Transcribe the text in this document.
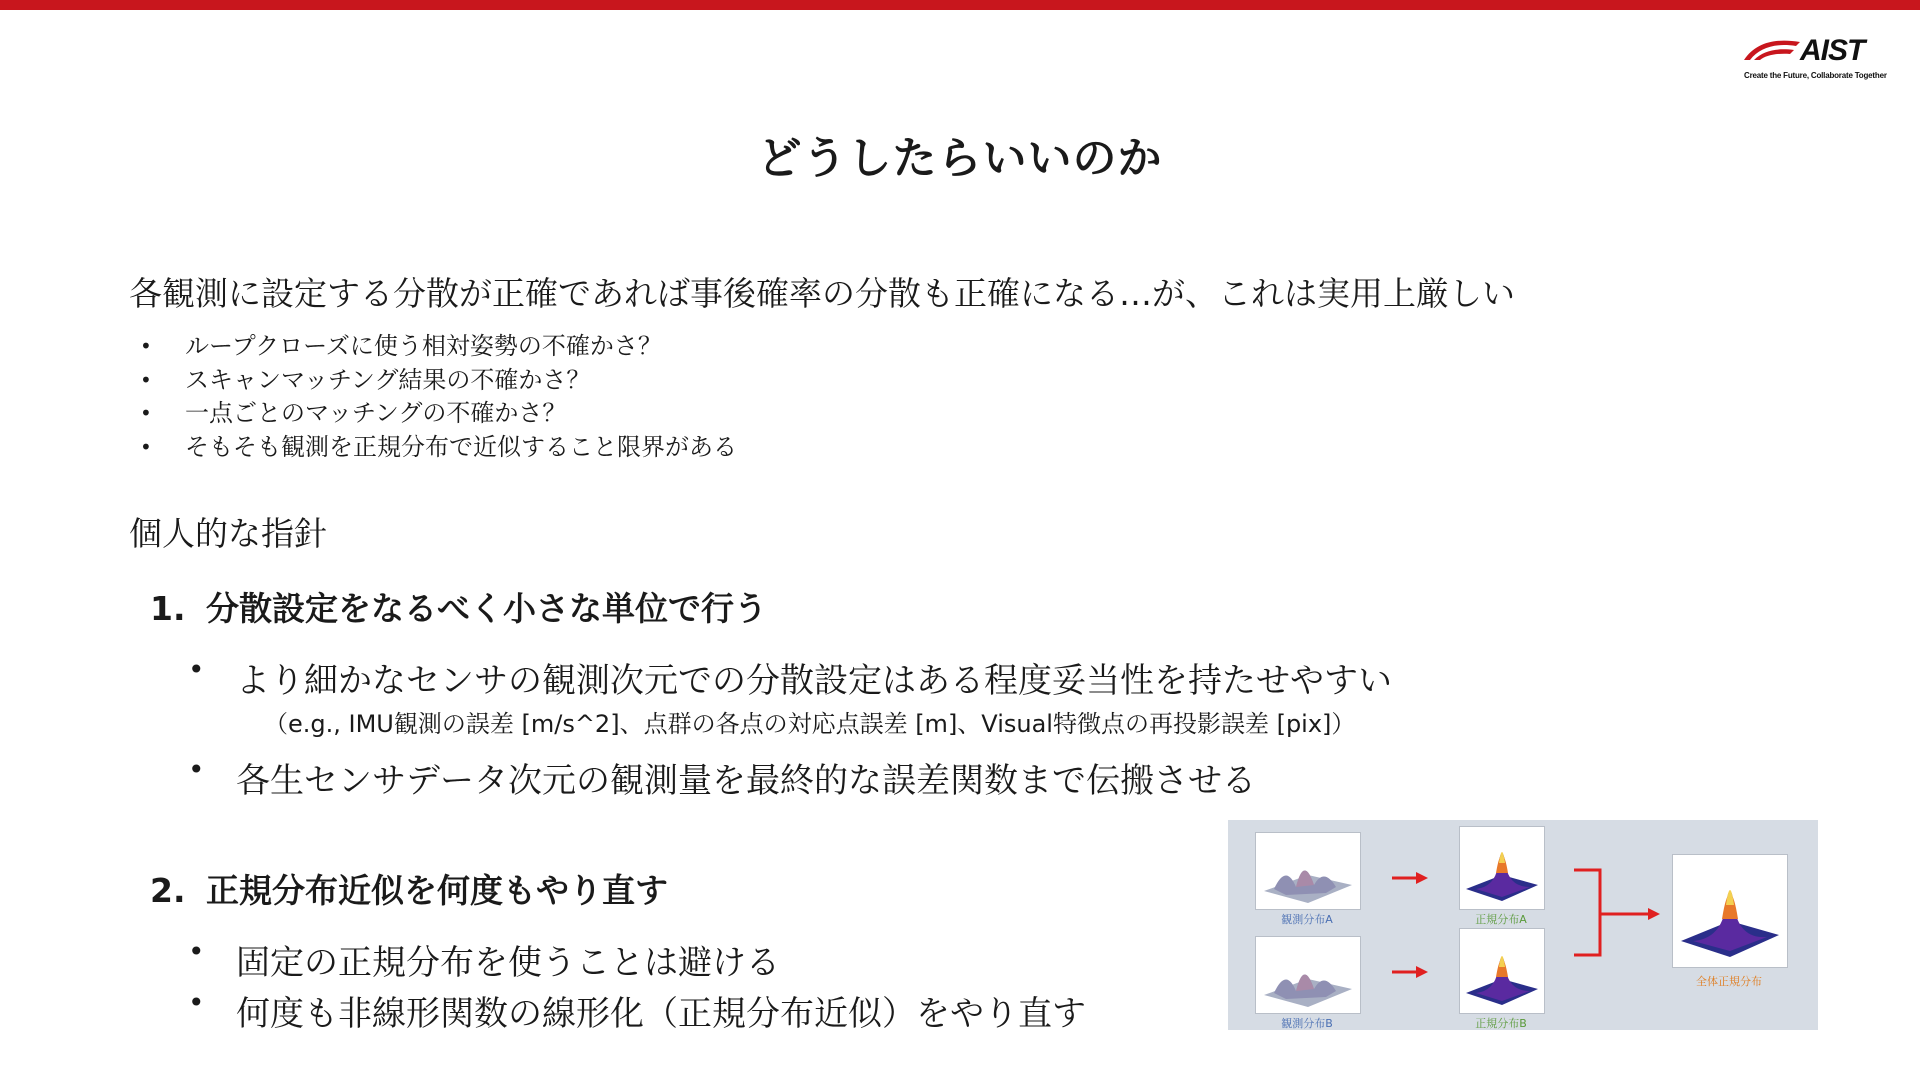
AIST
Create the Future, Collaborate Together
どうしたらいいのか
各観測に設定する分散が正確であれば事後確率の分散も正確になる…が、これは実用上厳しい
• ループクローズに使う相対姿勢の不確かさ？
• スキャンマッチング結果の不確かさ？
• 一点ごとのマッチングの不確かさ？
• そもそも観測を正規分布で近似すること限界がある
個人的な指針
1. 分散設定をなるべく小さな単位で行う
• より細かなセンサの観測次元での分散設定はある程度妥当性を持たせやすい
（e.g., IMU観測の誤差 [m/s^2]、点群の各点の対応点誤差 [m]、Visual特徴点の再投影誤差 [pix]）
• 各生センサデータ次元の観測量を最終的な誤差関数まで伝搬させる
2. 正規分布近似を何度もやり直す
• 固定の正規分布を使うことは避ける
• 何度も非線形関数の線形化（正規分布近似）をやり直す
観測分布A
観測分布B
正規分布A
正規分布B
全体正規分布
